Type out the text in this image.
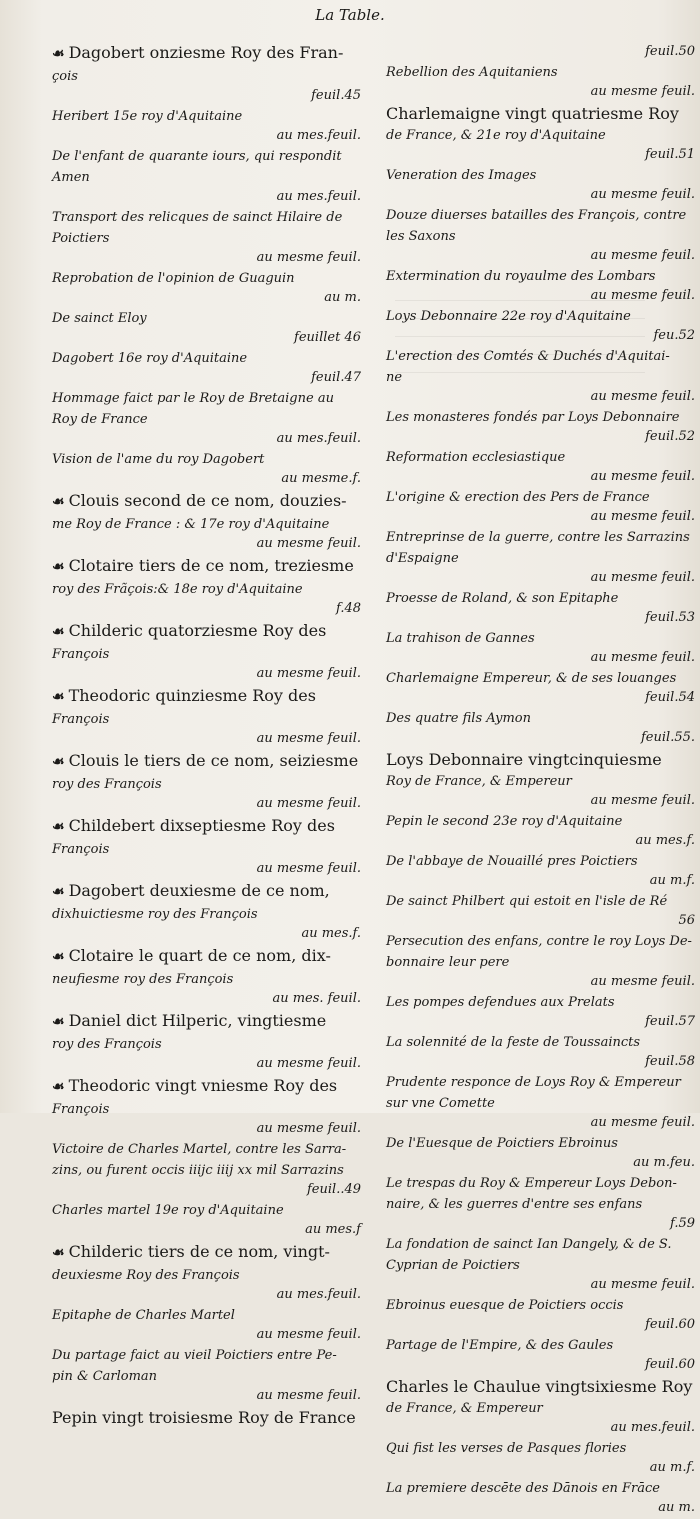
La Table.
☙ Dagobert onziesme Roy des Fran-
çois
feuil.45
Heribert 15e roy d'Aquitaine
au mes.feuil.
De l'enfant de quarante iours, qui respondit
Amen
au mes.feuil.
Transport des relicques de sainct Hilaire de
Poictiers
au mesme feuil.
Reprobation de l'opinion de Guaguin
au m.
De sainct Eloy
feuillet 46
Dagobert 16e roy d'Aquitaine
feuil.47
Hommage faict par le Roy de Bretaigne au
Roy de France
au mes.feuil.
Vision de l'ame du roy Dagobert
au mesme.f.
☙ Clouis second de ce nom, douzies-
me Roy de France : & 17e roy d'Aquitaine
au mesme feuil.
☙ Clotaire tiers de ce nom, treziesme
roy des Frãçois:& 18e roy d'Aquitaine
f.48
☙ Childeric quatorziesme Roy des
François
au mesme feuil.
☙ Theodoric quinziesme Roy des
François
au mesme feuil.
☙ Clouis le tiers de ce nom, seiziesme
roy des François
au mesme feuil.
☙ Childebert dixseptiesme Roy des
François
au mesme feuil.
☙ Dagobert deuxiesme de ce nom,
dixhuictiesme roy des François
au mes.f.
☙ Clotaire le quart de ce nom, dix-
neufiesme roy des François
au mes. feuil.
☙ Daniel dict Hilperic, vingtiesme
roy des François
au mesme feuil.
☙ Theodoric vingt vniesme Roy des
François
au mesme feuil.
Victoire de Charles Martel, contre les Sarra-
zins, ou furent occis iiijc iiij xx mil Sarrazins
feuil..49
Charles martel 19e roy d'Aquitaine
au mes.f
☙ Childeric tiers de ce nom, vingt-
deuxiesme Roy des François
au mes.feuil.
Epitaphe de Charles Martel
au mesme feuil.
Du partage faict au vieil Poictiers entre Pe-
pin & Carloman
au mesme feuil.
Pepin vingt troisiesme Roy de France
feuil.50
Rebellion des Aquitaniens
au mesme feuil.
Charlemaigne vingt quatriesme Roy
de France, & 21e roy d'Aquitaine
feuil.51
Veneration des Images
au mesme feuil.
Douze diuerses batailles des François, contre
les Saxons
au mesme feuil.
Extermination du royaulme des Lombars
au mesme feuil.
Loys Debonnaire 22e roy d'Aquitaine
feu.52
L'erection des Comtés & Duchés d'Aquitai-
ne
au mesme feuil.
Les monasteres fondés par Loys Debonnaire
feuil.52
Reformation ecclesiastique
au mesme feuil.
L'origine & erection des Pers de France
au mesme feuil.
Entreprinse de la guerre, contre les Sarrazins
d'Espaigne
au mesme feuil.
Proesse de Roland, & son Epitaphe
feuil.53
La trahison de Gannes
au mesme feuil.
Charlemaigne Empereur, & de ses louanges
feuil.54
Des quatre fils Aymon
feuil.55.
Loys Debonnaire vingtcinquiesme
Roy de France, & Empereur
au mesme feuil.
Pepin le second 23e roy d'Aquitaine
au mes.f.
De l'abbaye de Nouaillé pres Poictiers
au m.f.
De sainct Philbert qui estoit en l'isle de Ré
56
Persecution des enfans, contre le roy Loys De-
bonnaire leur pere
au mesme feuil.
Les pompes defendues aux Prelats
feuil.57
La solennité de la feste de Toussaincts
feuil.58
Prudente responce de Loys Roy & Empereur
sur vne Comette
au mesme feuil.
De l'Euesque de Poictiers Ebroinus
au m.feu.
Le trespas du Roy & Empereur Loys Debon-
naire, & les guerres d'entre ses enfans
f.59
La fondation de sainct Ian Dangely, & de S.
Cyprian de Poictiers
au mesme feuil.
Ebroinus euesque de Poictiers occis
feuil.60
Partage de l'Empire, & des Gaules
feuil.60
Charles le Chaulue vingtsixiesme Roy
de France, & Empereur
au mes.feuil.
Qui fist les verses de Pasques flories
au m.f.
La premiere descēte des Dānois en Frāce
au m.
